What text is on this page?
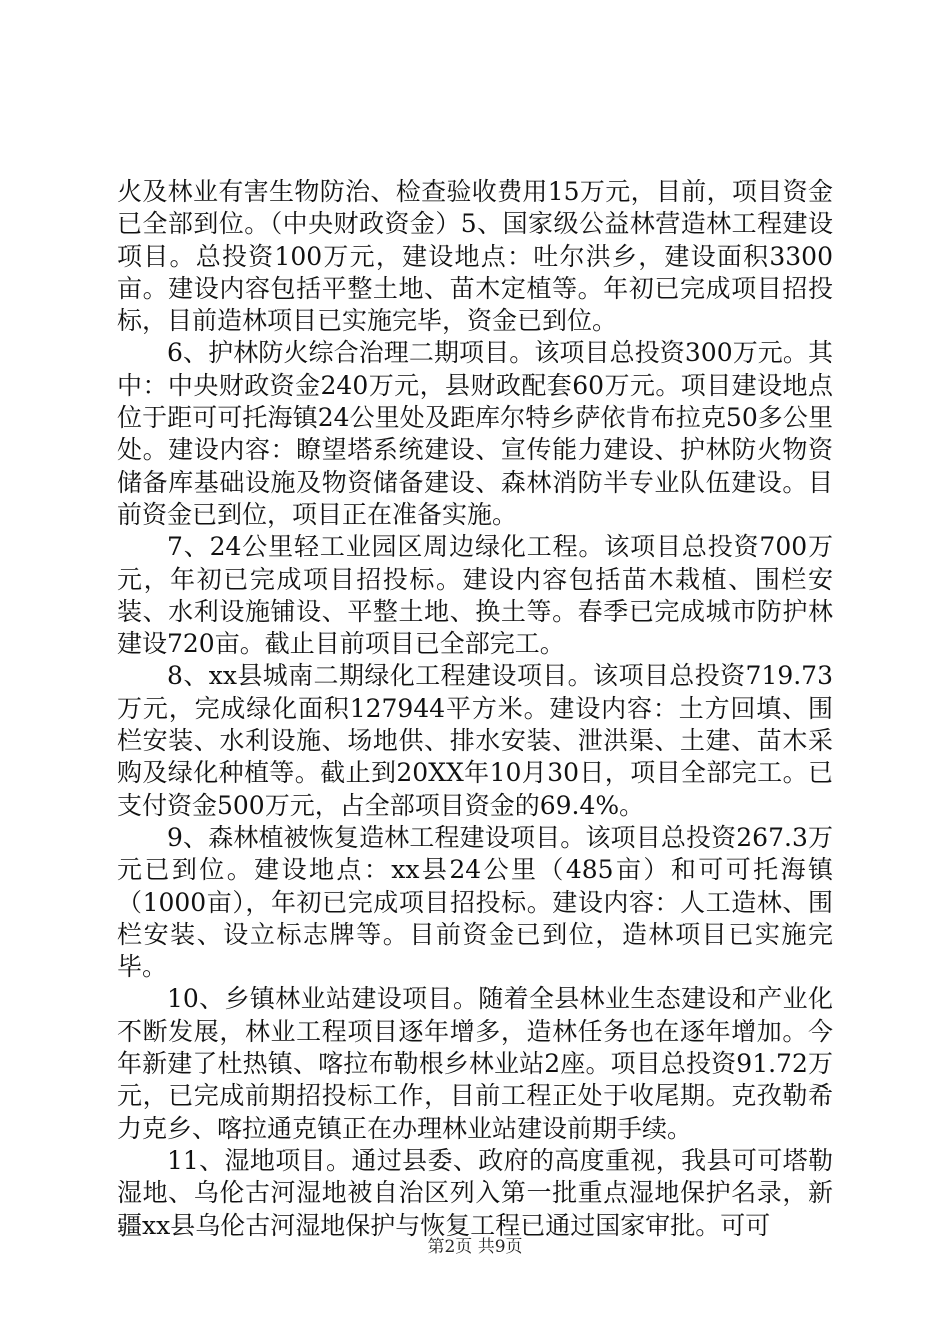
火及林业有害生物防治、检查验收费用15万元，目前，项目资金已全部到位。（中央财政资金）5、国家级公益林营造林工程建设项目。总投资100万元，建设地点：吐尔洪乡，建设面积3300亩。建设内容包括平整土地、苗木定植等。年初已完成项目招投标，目前造林项目已实施完毕，资金已到位。

6、护林防火综合治理二期项目。该项目总投资300万元。其中：中央财政资金240万元，县财政配套60万元。项目建设地点位于距可可托海镇24公里处及距库尔特乡萨依肯布拉克50多公里处。建设内容：瞭望塔系统建设、宣传能力建设、护林防火物资储备库基础设施及物资储备建设、森林消防半专业队伍建设。目前资金已到位，项目正在准备实施。

7、24公里轻工业园区周边绿化工程。该项目总投资700万元，年初已完成项目招投标。建设内容包括苗木栽植、围栏安装、水利设施铺设、平整土地、换土等。春季已完成城市防护林建设720亩。截止目前项目已全部完工。

8、xx县城南二期绿化工程建设项目。该项目总投资719.73万元，完成绿化面积127944平方米。建设内容：土方回填、围栏安装、水利设施、场地供、排水安装、泄洪渠、土建、苗木采购及绿化种植等。截止到20XX年10月30日，项目全部完工。已支付资金500万元，占全部项目资金的69.4%。

9、森林植被恢复造林工程建设项目。该项目总投资267.3万元已到位。建设地点：xx县24公里（485亩）和可可托海镇（1000亩），年初已完成项目招投标。建设内容：人工造林、围栏安装、设立标志牌等。目前资金已到位，造林项目已实施完毕。

10、乡镇林业站建设项目。随着全县林业生态建设和产业化不断发展，林业工程项目逐年增多，造林任务也在逐年增加。今年新建了杜热镇、喀拉布勒根乡林业站2座。项目总投资91.72万元，已完成前期招投标工作，目前工程正处于收尾期。克孜勒希力克乡、喀拉通克镇正在办理林业站建设前期手续。

11、湿地项目。通过县委、政府的高度重视，我县可可塔勒湿地、乌伦古河湿地被自治区列入第一批重点湿地保护名录，新疆xx县乌伦古河湿地保护与恢复工程已通过国家审批。可可

第2页 共9页
